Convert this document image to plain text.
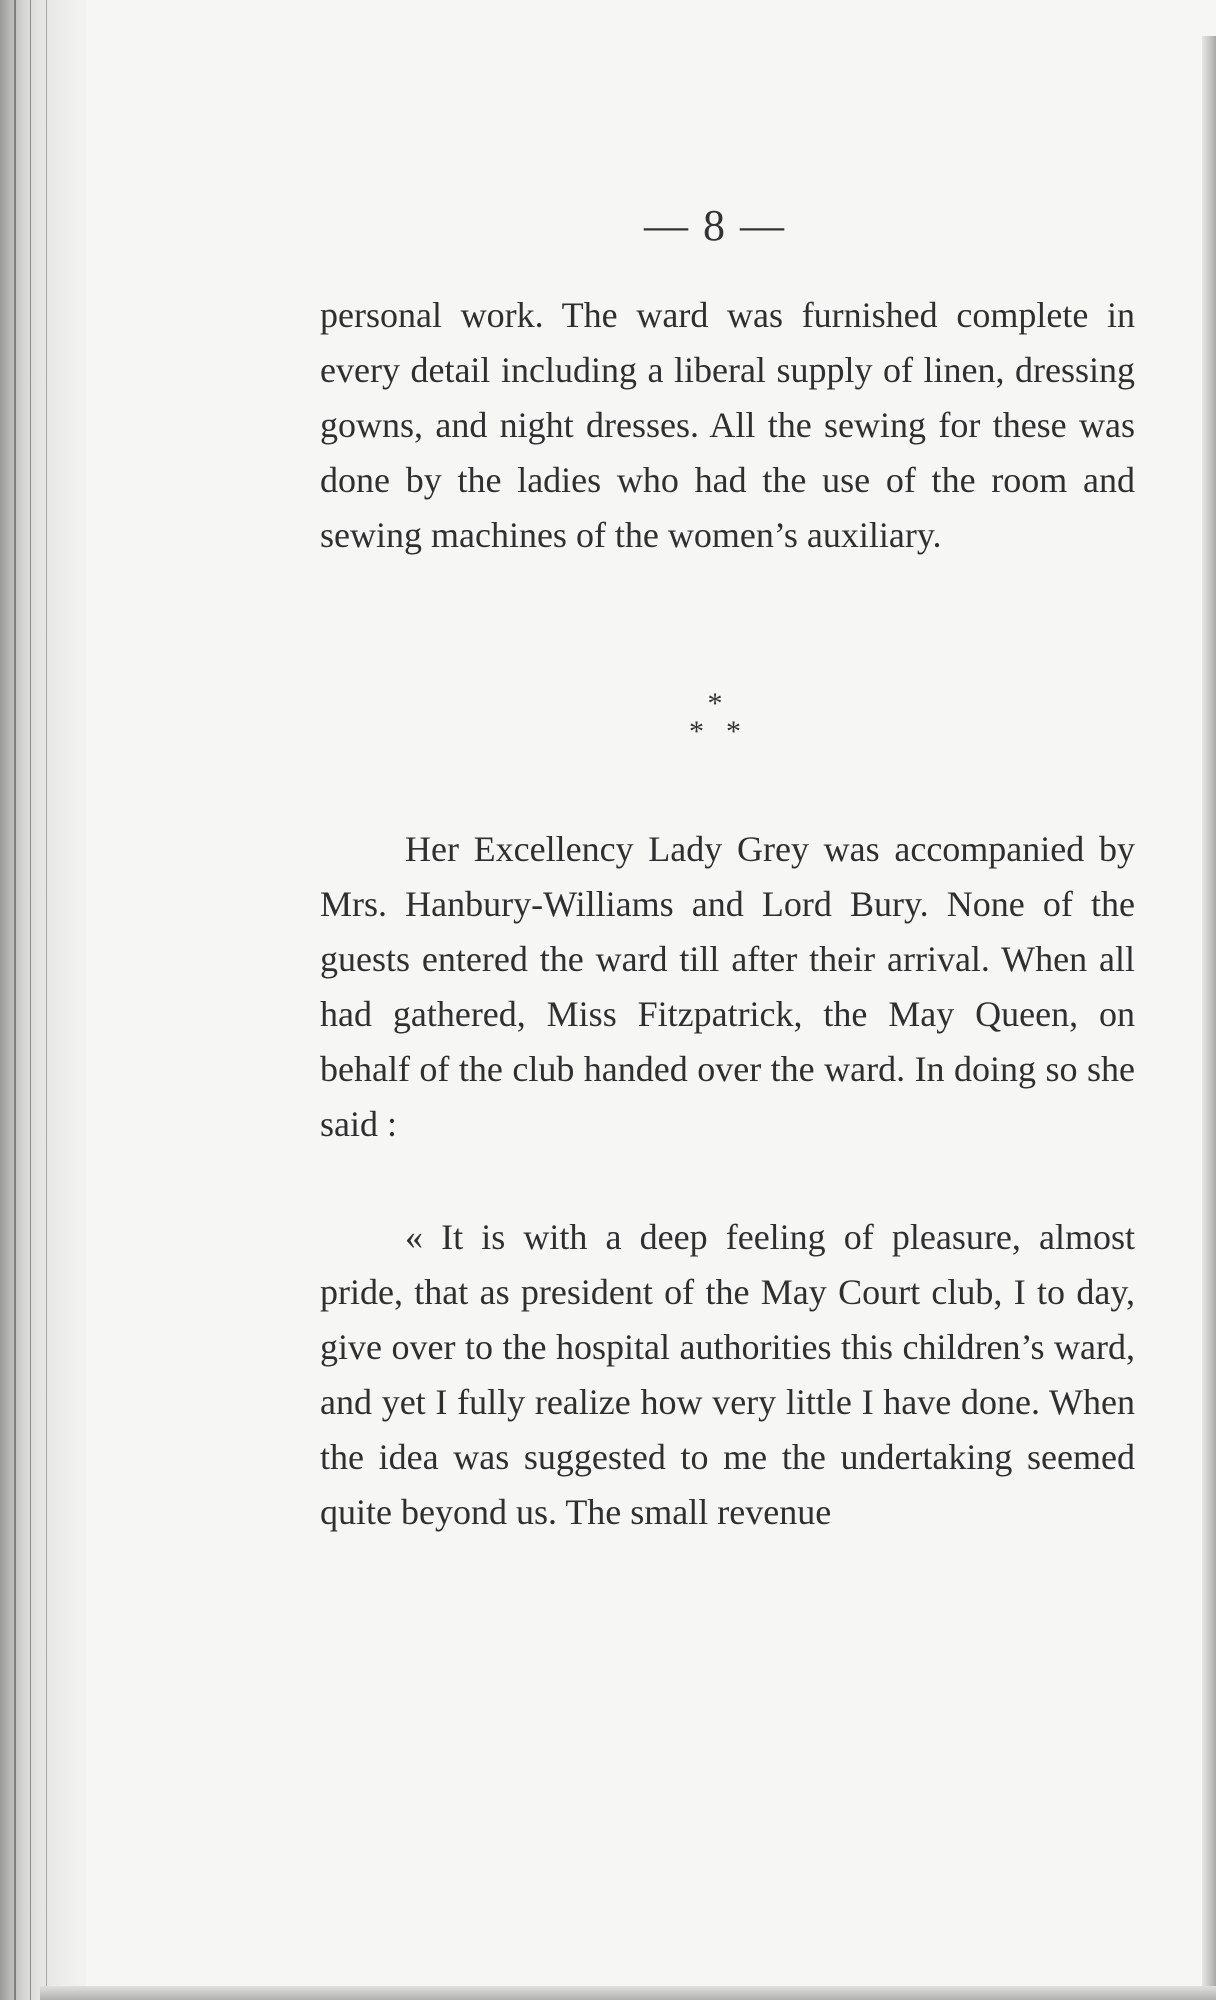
— 8 —

personal work. The ward was furnished complete in every detail including a liberal supply of linen, dressing gowns, and night dresses. All the sewing for these was done by the ladies who had the use of the room and sewing machines of the women’s auxiliary.

*
**

Her Excellency Lady Grey was accompanied by Mrs. Hanbury-Williams and Lord Bury. None of the guests entered the ward till after their arrival. When all had gathered, Miss Fitzpatrick, the May Queen, on behalf of the club handed over the ward. In doing so she said :

« It is with a deep feeling of pleasure, almost pride, that as president of the May Court club, I to day, give over to the hospital authorities this children’s ward, and yet I fully realize how very little I have done. When the idea was suggested to me the undertaking seemed quite beyond us. The small revenue
